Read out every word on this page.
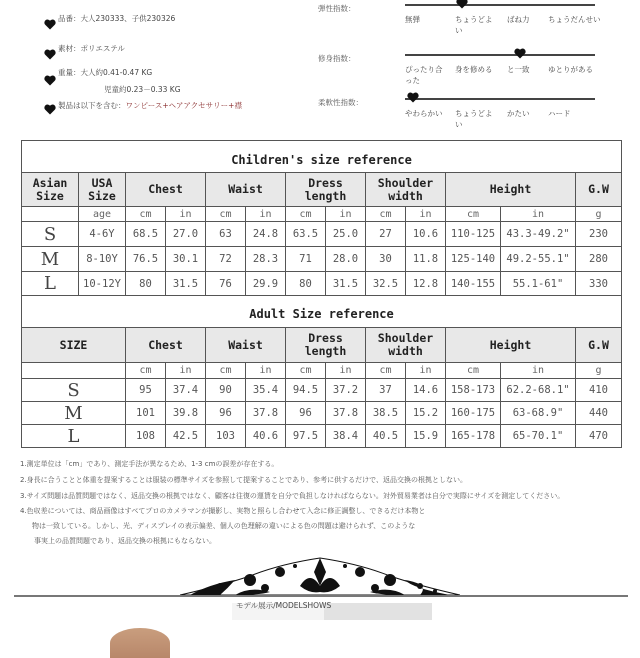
品番：大人230333、子供230326
素材：ポリエステル
重量：大人約0.41-0.47 KG
児童約0.23－0.33 KG
製品は以下を含む：ワンピース+ヘアアクセサリー+襟
弾性指数：
無弾	ちょうどよい
ばね力	ちょうだんせい
修身指数：
ぴったり合った
身を修める	と一致	ゆとりがある
柔軟性指数：
やわらかい	ちょうどよい
かたい	ハード
Children's size reference												
Asian Size	USA Size	Chest		Waist		Dress length		Shoulder width		Height		G.W
	age	cm	in	cm	in	cm	in	cm	in	cm	in	g
S	4-6Y	68.5	27.0	63	24.8	63.5	25.0	27	10.6	110-125	43.3-49.2"	230
M	8-10Y	76.5	30.1	72	28.3	71	28.0	30	11.8	125-140	49.2-55.1"	280
L	10-12Y	80	31.5	76	29.9	80	31.5	32.5	12.8	140-155	55.1-61"	330
Adult Size reference											
SIZE	Chest		Waist		Dress length		Shoulder width		Height		G.W
	cm	in	cm	in	cm	in	cm	in	cm	in	g
S	95	37.4	90	35.4	94.5	37.2	37	14.6	158-173	62.2-68.1"	410
M	101	39.8	96	37.8	96	37.8	38.5	15.2	160-175	63-68.9"	440
L	108	42.5	103	40.6	97.5	38.4	40.5	15.9	165-178	65-70.1"	470
1.測定単位は「cm」であり、測定手法が異なるため、1-3 cmの誤差が存在する。
2.身長に合うことと体重を提案することは服装の標準サイズを参照して提案することであり、参考に供するだけで、返品交換の根拠としない。
3.サイズ問題は品質問題ではなく、返品交換の根拠ではなく、顧客は往復の運賃を自分で負担しなければならない。対外貿易業者は自分で実際にサイズを測定してください。
4.色収差については、商品画像はすべてプロのカメラマンが撮影し、実物と照らし合わせて入念に修正調整し、できるだけ本物と
物は一致している。しかし、光、ディスプレイの表示偏差、個人の色理解の違いによる色の問題は避けられず、このような
事実上の品質問題であり、返品交換の根拠にもならない。
モデル展示/MODELSHOWS
